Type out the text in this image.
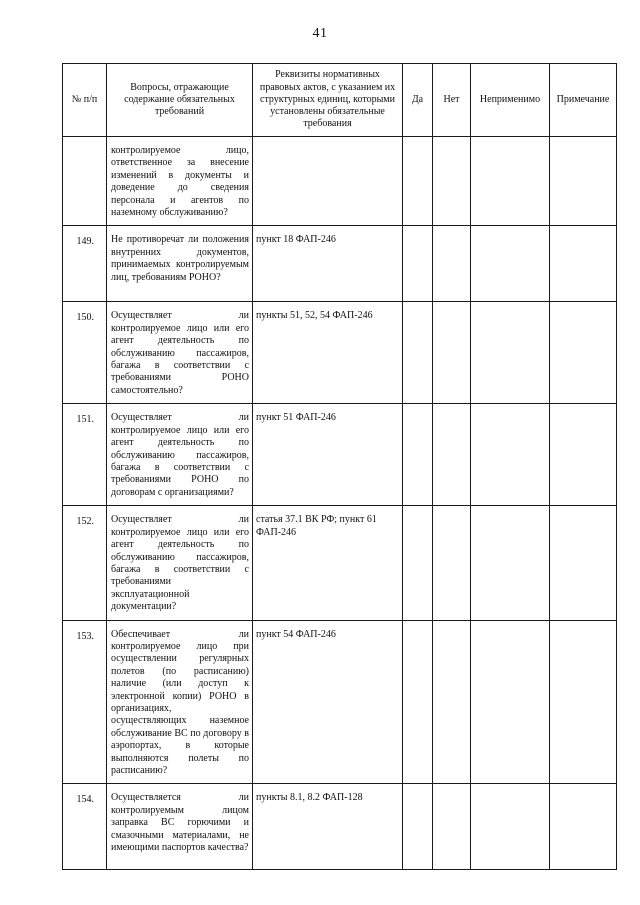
41
№ п/п	Вопросы, отражающие содержание обязательных требований	Реквизиты нормативных правовых актов, с указанием их структурных единиц, которыми установлены обязательные требования	Да	Нет	Неприменимо	Примечание

	контролируемое лицо, ответственное за внесение изменений в документы и доведение до сведения персонала и агентов по наземному обслуживанию?					

149.	Не противоречат ли положения внутренних документов, принимаемых контролируемым лиц, требованиям РОНО?	пункт 18 ФАП-246				

150.	Осуществляет ли контролируемое лицо или его агент деятельность по обслуживанию пассажиров, багажа в соответствии с требованиями РОНО самостоятельно?	пункты 51, 52, 54 ФАП-246				

151.	Осуществляет ли контролируемое лицо или его агент деятельность по обслуживанию пассажиров, багажа в соответствии с требованиями РОНО по договорам с организациями?	пункт 51 ФАП-246				

152.	Осуществляет ли контролируемое лицо или его агент деятельность по обслуживанию пассажиров, багажа в соответствии с требованиями эксплуатационной документации?	статья 37.1 ВК РФ; пункт 61 ФАП-246				

153.	Обеспечивает ли контролируемое лицо при осуществлении регулярных полетов (по расписанию) наличие (или доступ к электронной копии) РОНО в организациях, осуществляющих наземное обслуживание ВС по договору в аэропортах, в которые выполняются полеты по расписанию?	пункт 54 ФАП-246				

154.	Осуществляется ли контролируемым лицом заправка ВС горючими и смазочными материалами, не имеющими паспортов качества?	пункты 8.1, 8.2 ФАП-128				
